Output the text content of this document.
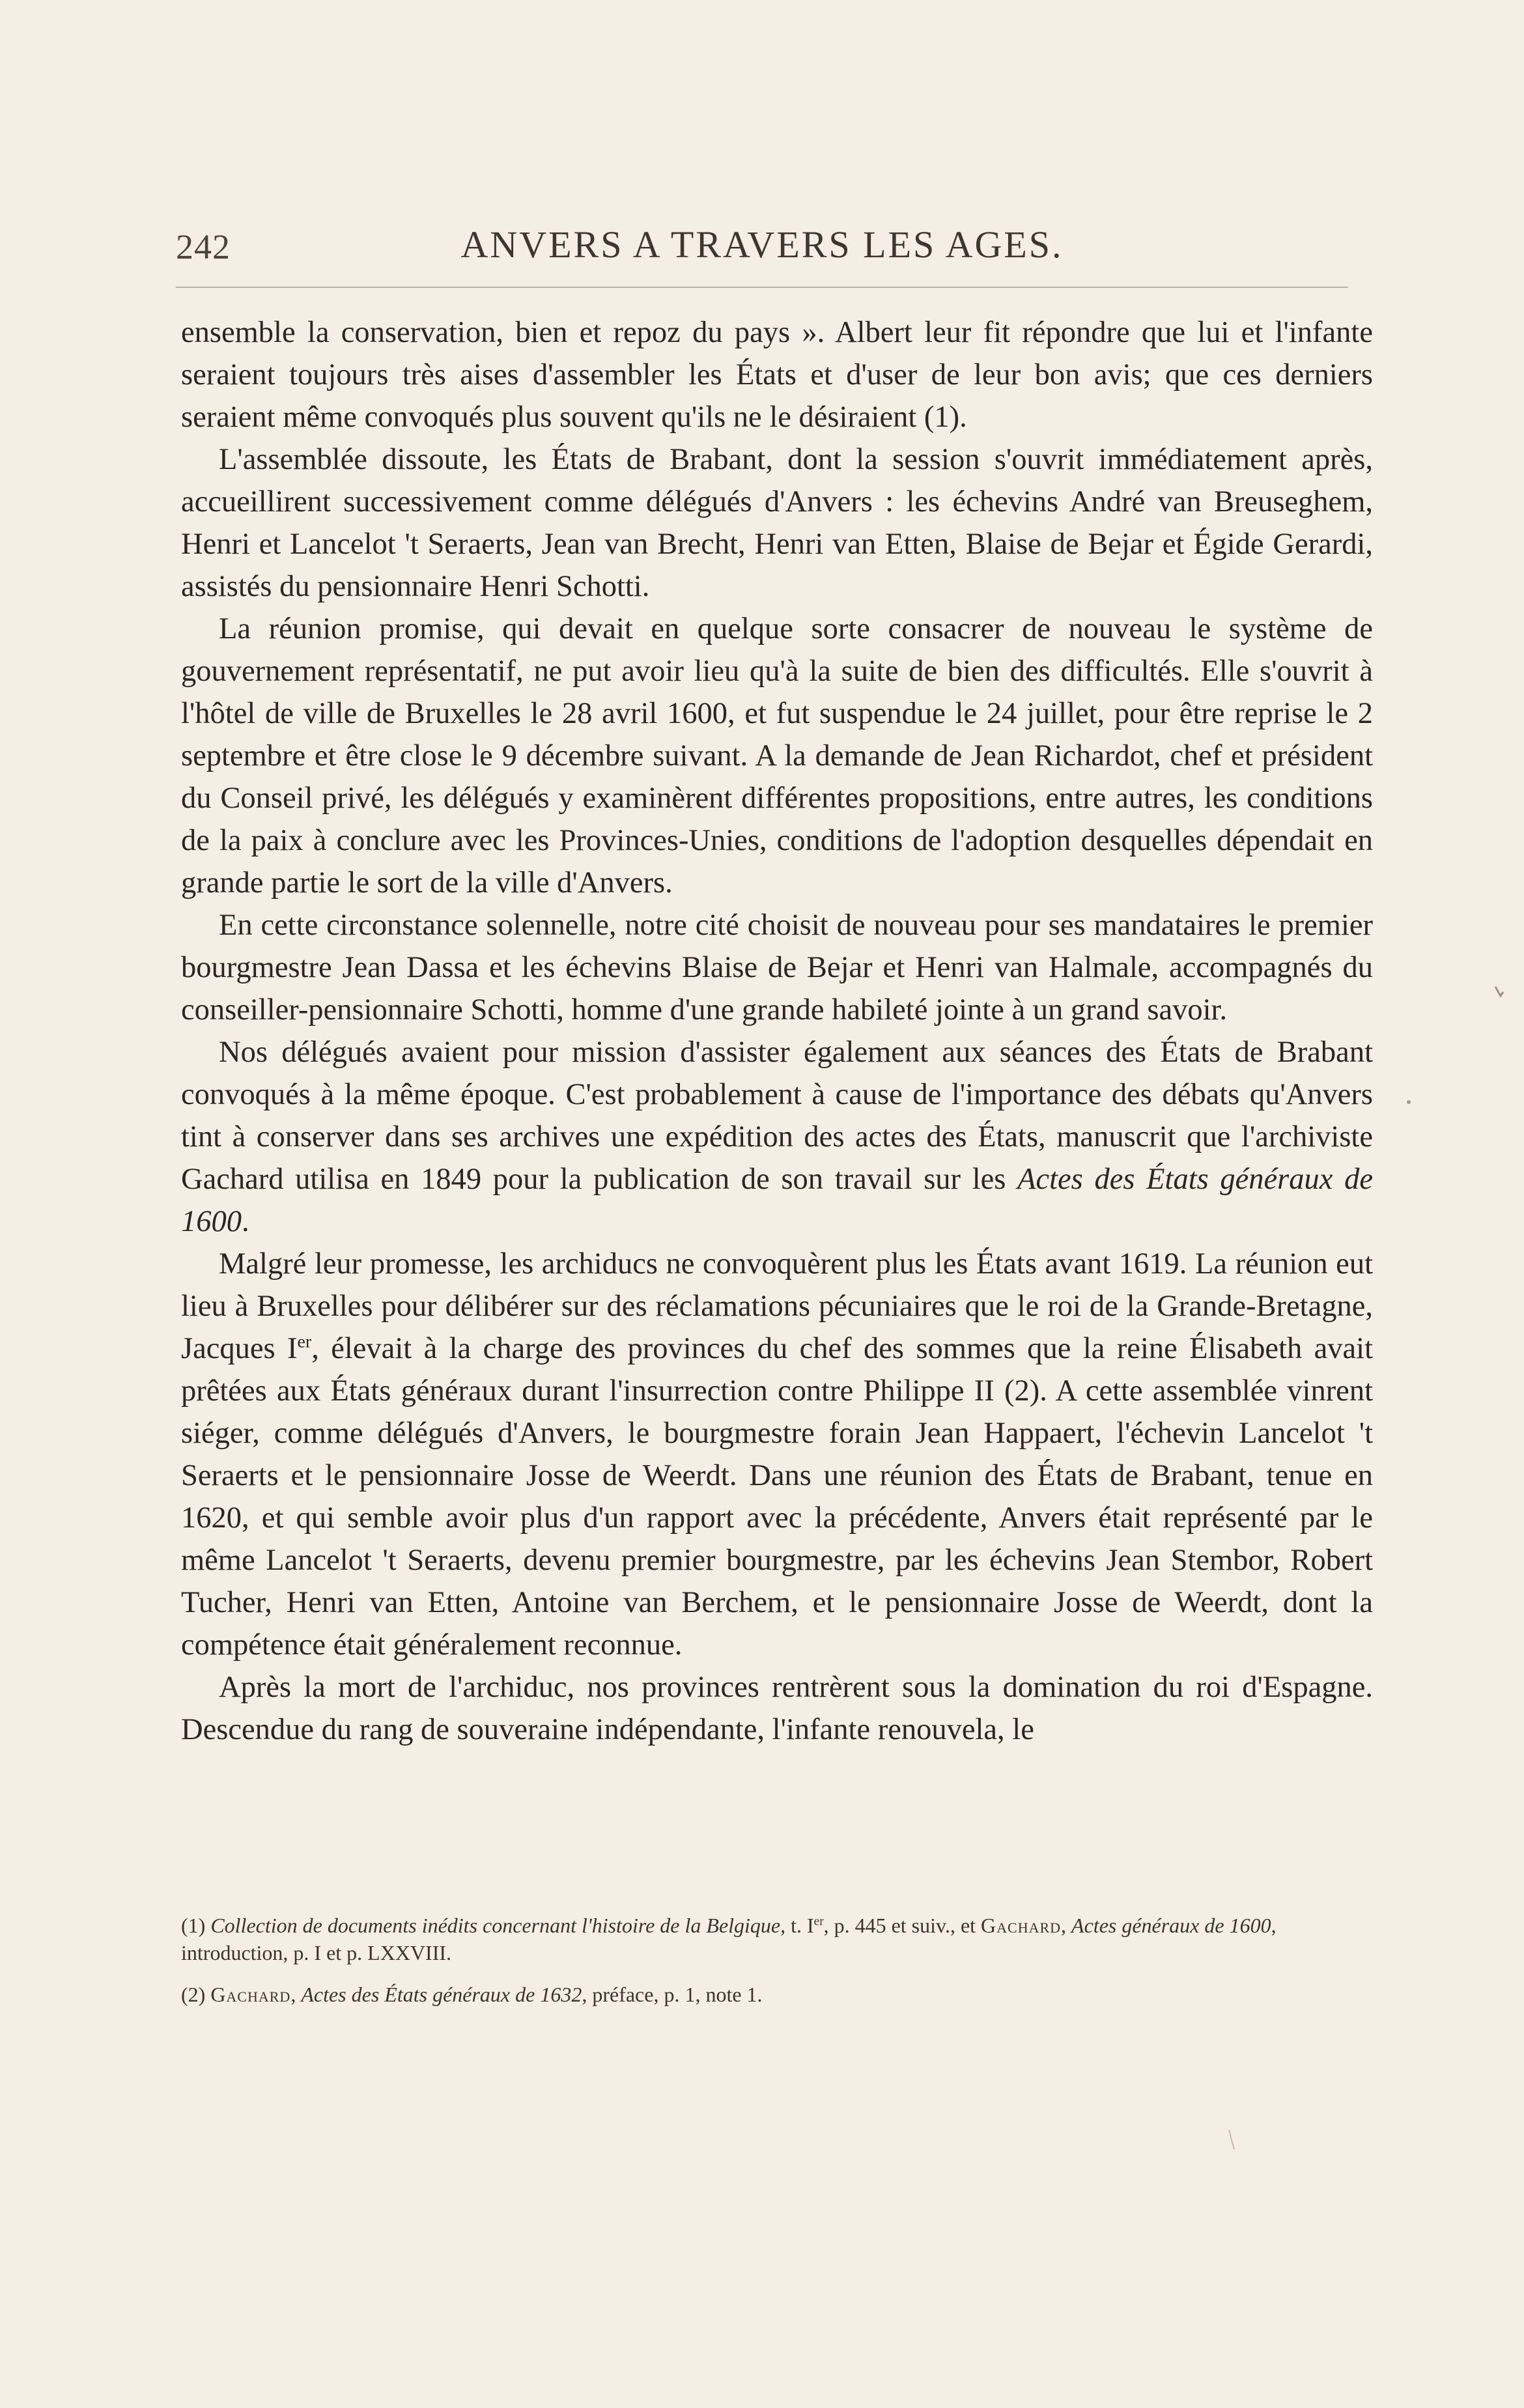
242	ANVERS A TRAVERS LES AGES.

ensemble la conservation, bien et repoz du pays ». Albert leur fit répondre que lui et l'infante seraient toujours très aises d'assembler les États et d'user de leur bon avis; que ces derniers seraient même convoqués plus souvent qu'ils ne le désiraient (1).

L'assemblée dissoute, les États de Brabant, dont la session s'ouvrit immédiatement après, accueillirent successivement comme délégués d'Anvers : les échevins André van Breuseghem, Henri et Lancelot 't Seraerts, Jean van Brecht, Henri van Etten, Blaise de Bejar et Égide Gerardi, assistés du pensionnaire Henri Schotti.

La réunion promise, qui devait en quelque sorte consacrer de nouveau le système de gouvernement représentatif, ne put avoir lieu qu'à la suite de bien des difficultés. Elle s'ouvrit à l'hôtel de ville de Bruxelles le 28 avril 1600, et fut suspendue le 24 juillet, pour être reprise le 2 septembre et être close le 9 décembre suivant. A la demande de Jean Richardot, chef et président du Conseil privé, les délégués y examinèrent différentes propositions, entre autres, les conditions de la paix à conclure avec les Provinces-Unies, conditions de l'adoption desquelles dépendait en grande partie le sort de la ville d'Anvers.

En cette circonstance solennelle, notre cité choisit de nouveau pour ses mandataires le premier bourgmestre Jean Dassa et les échevins Blaise de Bejar et Henri van Halmale, accompagnés du conseiller-pensionnaire Schotti, homme d'une grande habileté jointe à un grand savoir.

Nos délégués avaient pour mission d'assister également aux séances des États de Brabant convoqués à la même époque. C'est probablement à cause de l'importance des débats qu'Anvers tint à conserver dans ses archives une expédition des actes des États, manuscrit que l'archiviste Gachard utilisa en 1849 pour la publication de son travail sur les Actes des États généraux de 1600.

Malgré leur promesse, les archiducs ne convoquèrent plus les États avant 1619. La réunion eut lieu à Bruxelles pour délibérer sur des réclamations pécuniaires que le roi de la Grande-Bretagne, Jacques Ier, élevait à la charge des provinces du chef des sommes que la reine Élisabeth avait prêtées aux États généraux durant l'insurrection contre Philippe II (2). A cette assemblée vinrent siéger, comme délégués d'Anvers, le bourgmestre forain Jean Happaert, l'échevin Lancelot 't Seraerts et le pensionnaire Josse de Weerdt. Dans une réunion des États de Brabant, tenue en 1620, et qui semble avoir plus d'un rapport avec la précédente, Anvers était représenté par le même Lancelot 't Seraerts, devenu premier bourgmestre, par les échevins Jean Stembor, Robert Tucher, Henri van Etten, Antoine van Berchem, et le pensionnaire Josse de Weerdt, dont la compétence était généralement reconnue.

Après la mort de l'archiduc, nos provinces rentrèrent sous la domination du roi d'Espagne. Descendue du rang de souveraine indépendante, l'infante renouvela, le

(1) Collection de documents inédits concernant l'histoire de la Belgique, t. Ier, p. 445 et suiv., et Gachard, Actes généraux de 1600, introduction, p. I et p. LXXVIII.

(2) Gachard, Actes des États généraux de 1632, préface, p. 1, note 1.
